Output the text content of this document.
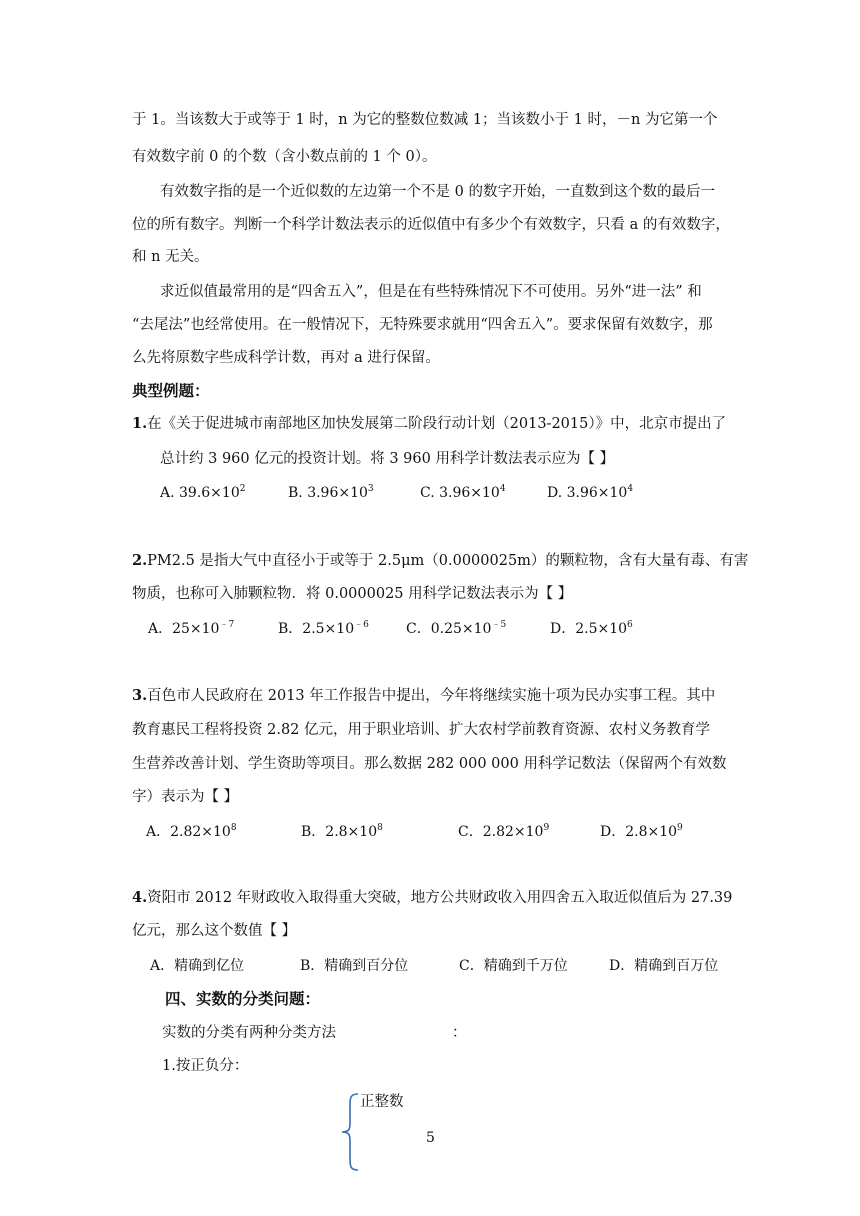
于 1。当该数大于或等于 1 时，n 为它的整数位数减 1；当该数小于 1 时，－n 为它第一个
有效数字前 0 的个数（含小数点前的 1 个 0）。
有效数字指的是一个近似数的左边第一个不是 0 的数字开始，一直数到这个数的最后一
位的所有数字。判断一个科学计数法表示的近似值中有多少个有效数字，只看 a 的有效数字，
和 n 无关。
求近似值最常用的是“四舍五入”，但是在有些特殊情况下不可使用。另外“进一法” 和
“去尾法”也经常使用。在一般情况下，无特殊要求就用“四舍五入”。要求保留有效数字，那
么先将原数字些成科学计数，再对 a 进行保留。
典型例题：
1.在《关于促进城市南部地区加快发展第二阶段行动计划（2013-2015）》中，北京市提出了
总计约 3 960 亿元的投资计划。将 3 960 用科学计数法表示应为【 】
A. $39.6\times 10^2$	B. $3.96\times 10^3$	C. $3.96\times 10^4$	D. $3.96\times 10^4$
2.PM2.5 是指大气中直径小于或等于 2.5μm（0.0000025m）的颗粒物，含有大量有毒、有害
物质，也称可入肺颗粒物．将 0.0000025 用科学记数法表示为【 】
A．$25\times 10^{﹣7}$	B．$2.5\times 10^{﹣6}$	C．$0.25\times 10^{﹣5}$	D．$2.5\times 10^6$
3.百色市人民政府在 2013 年工作报告中提出，今年将继续实施十项为民办实事工程。其中
教育惠民工程将投资 2.82 亿元，用于职业培训、扩大农村学前教育资源、农村义务教育学
生营养改善计划、学生资助等项目。那么数据 282 000 000 用科学记数法（保留两个有效数
字）表示为【 】
A．$2.82\times 10^8$	B．$2.8\times 10^8$	C．$2.82\times 10^9$	D．$2.8\times 10^9$
4.资阳市 2012 年财政收入取得重大突破，地方公共财政收入用四舍五入取近似值后为 27.39
亿元，那么这个数值【 】
A．精确到亿位	B．精确到百分位	C．精确到千万位	D．精确到百万位
四、实数的分类问题：
实数的分类有两种分类方法	：
1.按正负分：
正整数
5
